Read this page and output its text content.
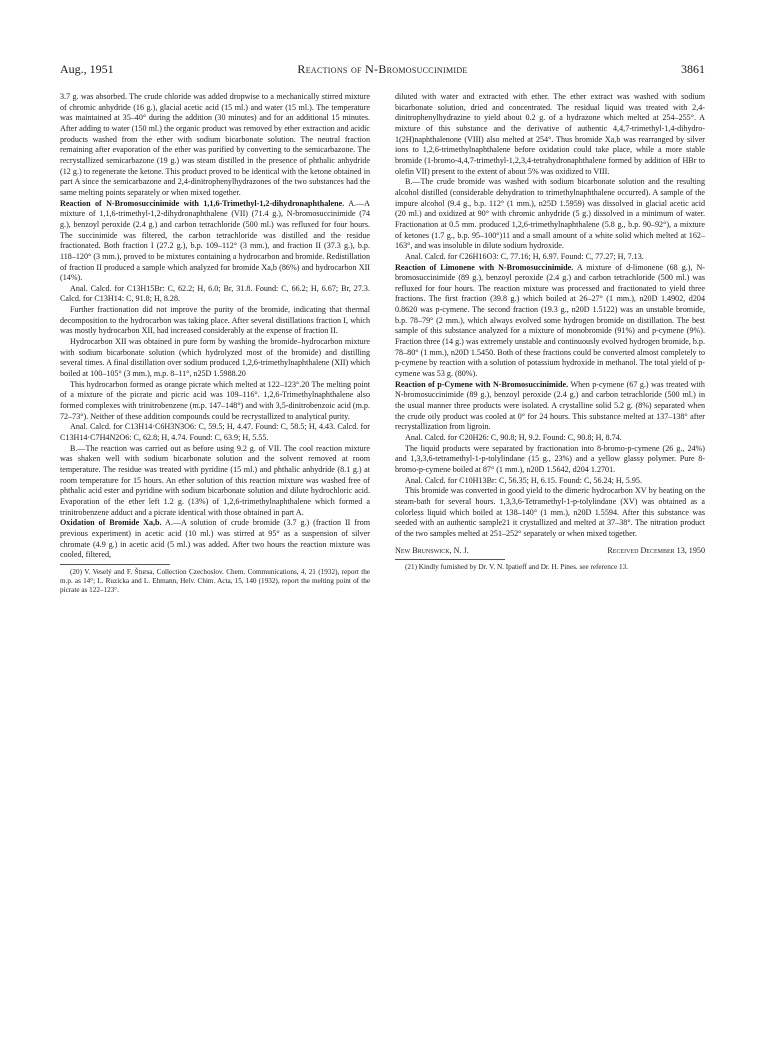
Aug., 1951	Reactions of N-Bromosuccinimide	3861

3.7 g. was absorbed. The crude chloride was added dropwise to a mechanically stirred mixture of chromic anhydride (16 g.), glacial acetic acid (15 ml.) and water (15 ml.). The temperature was maintained at 35–40° during the addition (30 minutes) and for an additional 15 minutes. After adding to water (150 ml.) the organic product was removed by ether extraction and acidic products washed from the ether with sodium bicarbonate solution. The neutral fraction remaining after evaporation of the ether was purified by converting to the semicarbazone. The recrystallized semicarbazone (19 g.) was steam distilled in the presence of phthalic anhydride (12 g.) to regenerate the ketone. This product proved to be identical with the ketone obtained in part A since the semicarbazone and 2,4-dinitrophenylhydrazones of the two substances had the same melting points separately or when mixed together.

Reaction of N-Bromosuccinimide with 1,1,6-Trimethyl-1,2-dihydronaphthalene. A.—A mixture of 1,1,6-trimethyl-1,2-dihydronaphthalene (VII) (71.4 g.), N-bromosuccinimide (74 g.), benzoyl peroxide (2.4 g.) and carbon tetrachloride (500 ml.) was refluxed for four hours. The succinimide was filtered, the carbon tetrachloride was distilled and the residue fractionated. Both fraction I (27.2 g.), b.p. 109–112° (3 mm.), and fraction II (37.3 g.), b.p. 118–120° (3 mm.), proved to be mixtures containing a hydrocarbon and bromide. Redistillation of fraction II produced a sample which analyzed for bromide Xa,b (86%) and hydrocarbon XII (14%).

Anal. Calcd. for C13H15Br: C, 62.2; H, 6.0; Br, 31.8. Found: C, 66.2; H, 6.67; Br, 27.3. Calcd. for C13H14: C, 91.8; H, 8.28.

Further fractionation did not improve the purity of the bromide, indicating that thermal decomposition to the hydrocarbon was taking place. After several distillations fraction I, which was mostly hydrocarbon XII, had increased considerably at the expense of fraction II.

Hydrocarbon XII was obtained in pure form by washing the bromide–hydrocarbon mixture with sodium bicarbonate solution (which hydrolyzed most of the bromide) and distilling several times. A final distillation over sodium produced 1,2,6-trimethylnaphthalene (XII) which boiled at 100–105° (3 mm.), m.p. 8–11°, n25D 1.5988.20

This hydrocarbon formed as orange picrate which melted at 122–123°.20 The melting point of a mixture of the picrate and picric acid was 109–116°. 1,2,6-Trimethylnaphthalene also formed complexes with trinitrobenzene (m.p. 147–148°) and with 3,5-dinitrobenzoic acid (m.p. 72–73°). Neither of these addition compounds could be recrystallized to analytical purity.

Anal. Calcd. for C13H14·C6H3N3O6: C, 59.5; H, 4.47. Found: C, 58.5; H, 4.43. Calcd. for C13H14·C7H4N2O6: C, 62.8; H, 4.74. Found: C, 63.9; H, 5.55.

B.—The reaction was carried out as before using 9.2 g. of VII. The cool reaction mixture was shaken well with sodium bicarbonate solution and the solvent removed at room temperature. The residue was treated with pyridine (15 ml.) and phthalic anhydride (8.1 g.) at room temperature for 15 hours. An ether solution of this reaction mixture was washed free of phthalic acid ester and pyridine with sodium bicarbonate solution and dilute hydrochloric acid. Evaporation of the ether left 1.2 g. (13%) of 1,2,6-trimethylnaphthalene which formed a trinitrobenzene adduct and a picrate identical with those obtained in part A.

Oxidation of Bromide Xa,b. A.—A solution of crude bromide (3.7 g.) (fraction II from previous experiment) in acetic acid (10 ml.) was stirred at 95° as a suspension of silver chromate (4.9 g.) in acetic acid (5 ml.) was added. After two hours the reaction mixture was cooled, filtered,

(20) V. Veselý and F. Štursa, Collection Czechoslov. Chem. Communications, 4, 21 (1932), report the m.p. as 14°; L. Ruzicka and L. Ehmann, Helv. Chim. Acta, 15, 140 (1932), report the melting point of the picrate as 122–123°.

diluted with water and extracted with ether. The ether extract was washed with sodium bicarbonate solution, dried and concentrated. The residual liquid was treated with 2,4-dinitrophenylhydrazine to yield about 0.2 g. of a hydrazone which melted at 254–255°. A mixture of this substance and the derivative of authentic 4,4,7-trimethyl-1,4-dihydro-1(2H)naphthalenone (VIII) also melted at 254°. Thus bromide Xa,b was rearranged by silver ions to 1,2,6-trimethylnaphthalene before oxidation could take place, while a more stable bromide (1-bromo-4,4,7-trimethyl-1,2,3,4-tetrahydronaphthalene formed by addition of HBr to olefin VII) present to the extent of about 5% was oxidized to VIII.

B.—The crude bromide was washed with sodium bicarbonate solution and the resulting alcohol distilled (considerable dehydration to trimethylnaphthalene occurred). A sample of the impure alcohol (9.4 g., b.p. 112° (1 mm.), n25D 1.5959) was dissolved in glacial acetic acid (20 ml.) and oxidized at 90° with chromic anhydride (5 g.) dissolved in a minimum of water. Fractionation at 0.5 mm. produced 1,2,6-trimethylnaphthalene (5.8 g., b.p. 90–92°), a mixture of ketones (1.7 g., b.p. 95–100°)11 and a small amount of a white solid which melted at 162–163°, and was insoluble in dilute sodium hydroxide.

Anal. Calcd. for C26H16O3: C, 77.16; H, 6.97. Found: C, 77.27; H, 7.13.

Reaction of Limonene with N-Bromosuccinimide. A mixture of d-limonene (68 g.), N-bromosuccinimide (89 g.), benzoyl peroxide (2.4 g.) and carbon tetrachloride (500 ml.) was refluxed for four hours. The reaction mixture was processed and fractionated to yield three fractions. The first fraction (39.8 g.) which boiled at 26–27° (1 mm.), n20D 1.4902, d204 0.8620 was p-cymene. The second fraction (19.3 g., n20D 1.5122) was an unstable bromide, b.p. 78–79° (2 mm.), which always evolved some hydrogen bromide on distillation. The best sample of this substance analyzed for a mixture of monobromide (91%) and p-cymene (9%). Fraction three (14 g.) was extremely unstable and continuously evolved hydrogen bromide, b.p. 78–80° (1 mm.), n20D 1.5450. Both of these fractions could be converted almost completely to p-cymene by reaction with a solution of potassium hydroxide in methanol. The total yield of p-cymene was 53 g. (80%).

Reaction of p-Cymene with N-Bromosuccinimide. When p-cymene (67 g.) was treated with N-bromosuccinimide (89 g.), benzoyl peroxide (2.4 g.) and carbon tetrachloride (500 ml.) in the usual manner three products were isolated. A crystalline solid 5.2 g. (8%) separated when the crude oily product was cooled at 0° for 24 hours. This substance melted at 137–138° after recrystallization from ligroin.

Anal. Calcd. for C20H26: C, 90.8; H, 9.2. Found: C, 90.8; H, 8.74.

The liquid products were separated by fractionation into 8-bromo-p-cymene (26 g., 24%) and 1,3,3,6-tetramethyl-1-p-tolylindane (15 g., 23%) and a yellow glassy polymer. Pure 8-bromo-p-cymene boiled at 87° (1 mm.), n20D 1.5642, d204 1.2701.

Anal. Calcd. for C10H13Br: C, 56.35; H, 6.15. Found: C, 56.24; H, 5.95.

This bromide was converted in good yield to the dimeric hydrocarbon XV by heating on the steam-bath for several hours. 1,3,3,6-Tetramethyl-1-p-tolylindane (XV) was obtained as a colorless liquid which boiled at 138–140° (1 mm.), n20D 1.5594. After this substance was seeded with an authentic sample21 it crystallized and melted at 37–38°. The nitration product of the two samples melted at 251–252° separately or when mixed together.

New Brunswick, N. J.	Received December 13, 1950

(21) Kindly furnished by Dr. V. N. Ipatieff and Dr. H. Pines. see reference 13.
